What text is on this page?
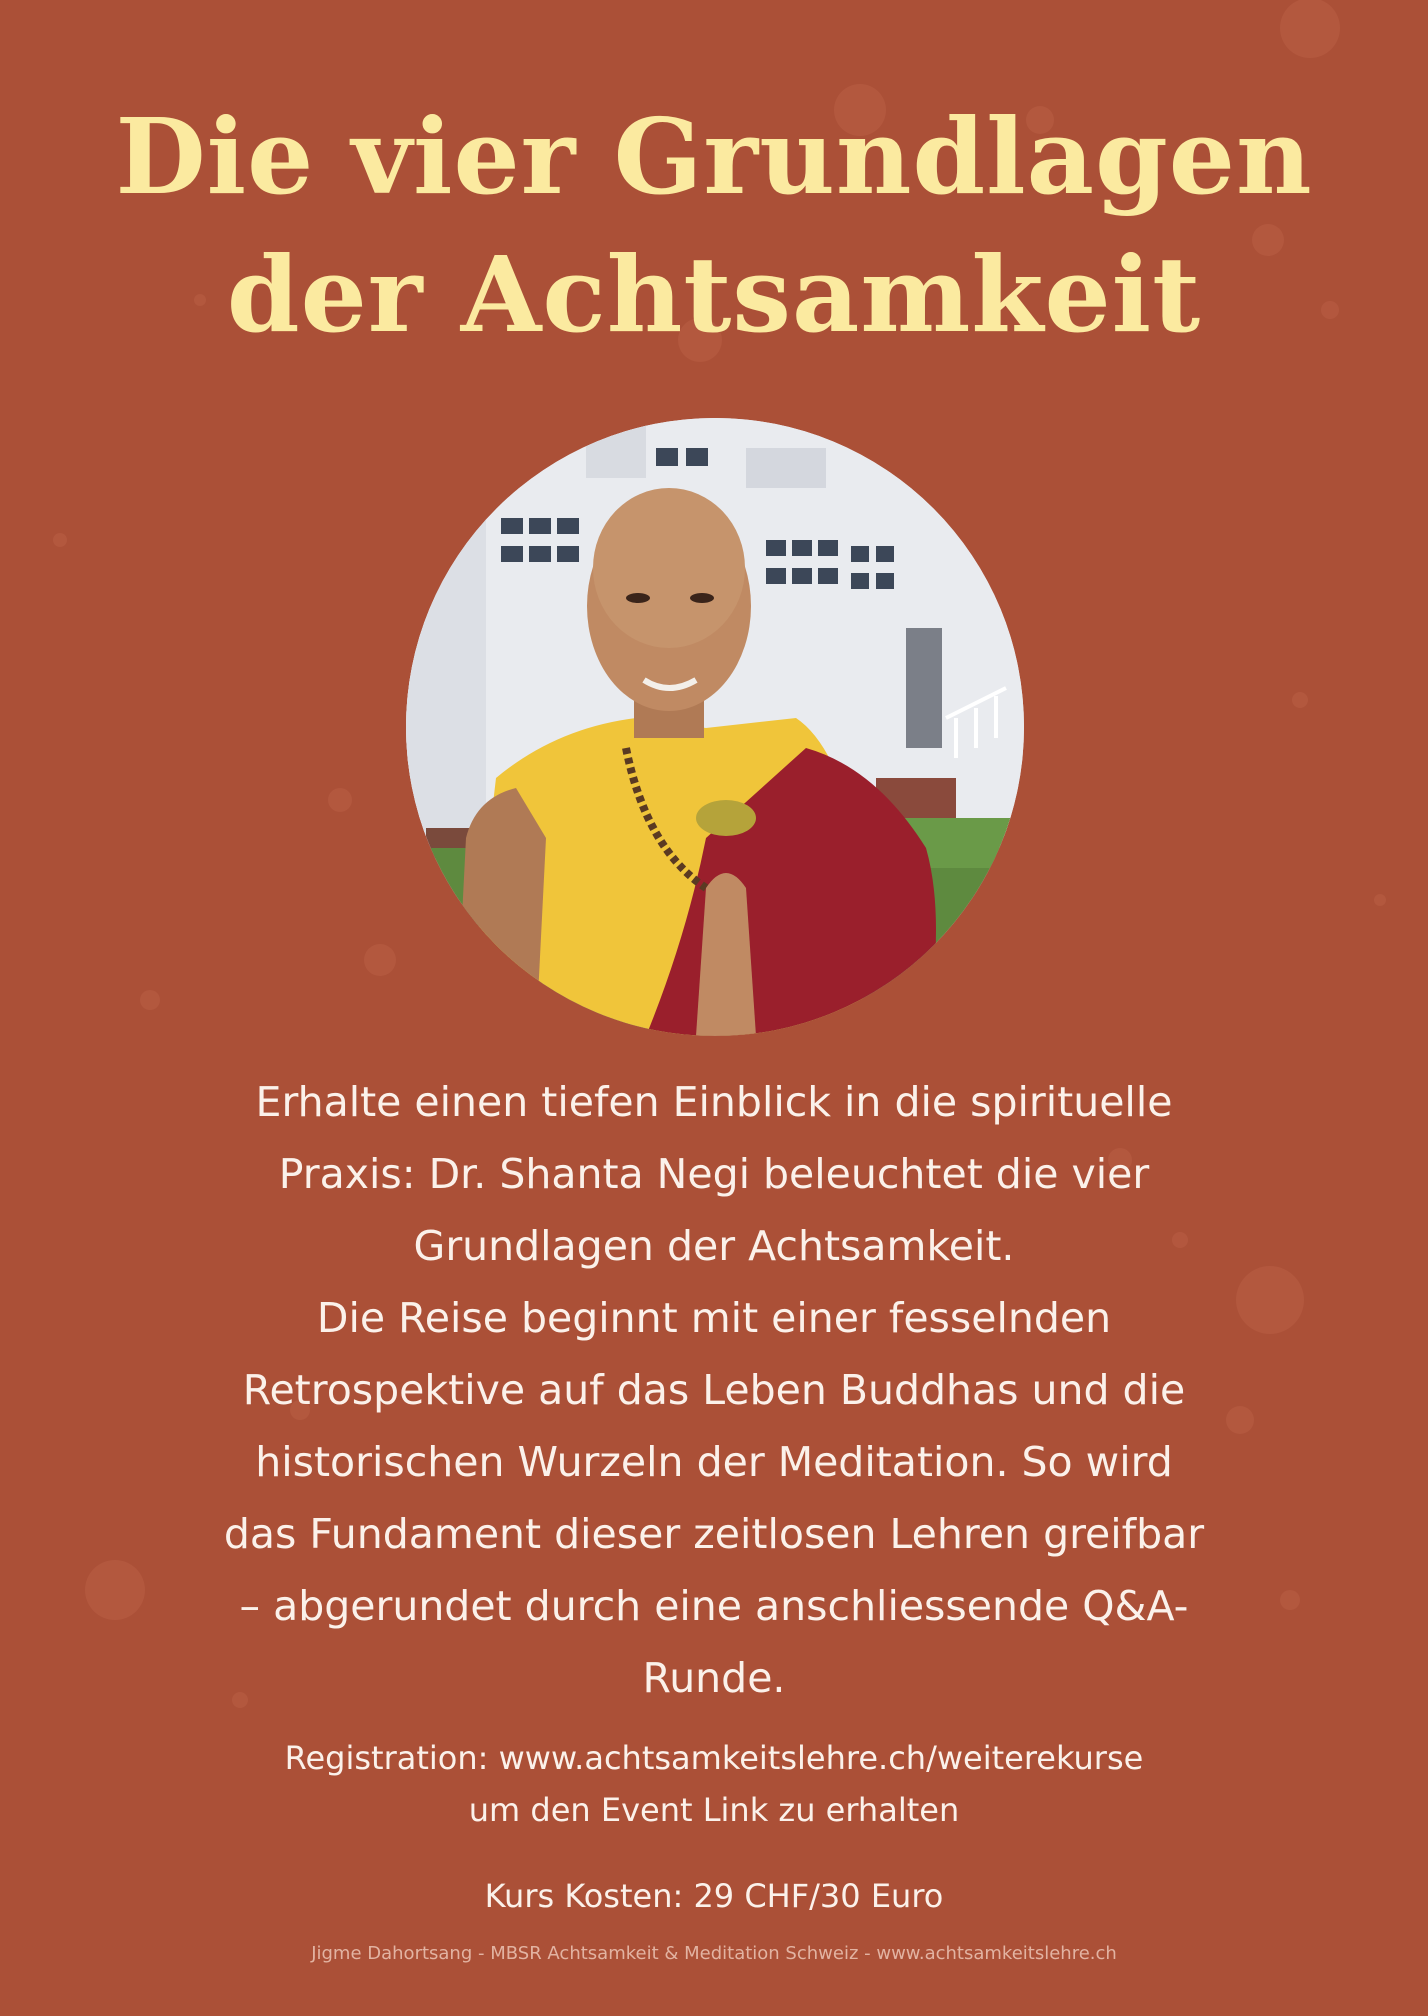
Die vier Grundlagen
der Achtsamkeit
Erhalte einen tiefen Einblick in die spirituelle
Praxis: Dr. Shanta Negi beleuchtet die vier
Grundlagen der Achtsamkeit.
Die Reise beginnt mit einer fesselnden
Retrospektive auf das Leben Buddhas und die
historischen Wurzeln der Meditation. So wird
das Fundament dieser zeitlosen Lehren greifbar
– abgerundet durch eine anschliessende Q&A-
Runde.
Registration: www.achtsamkeitslehre.ch/weiterekurse
um den Event Link zu erhalten
Kurs Kosten: 29 CHF/30 Euro
Jigme Dahortsang - MBSR Achtsamkeit & Meditation Schweiz - www.achtsamkeitslehre.ch
